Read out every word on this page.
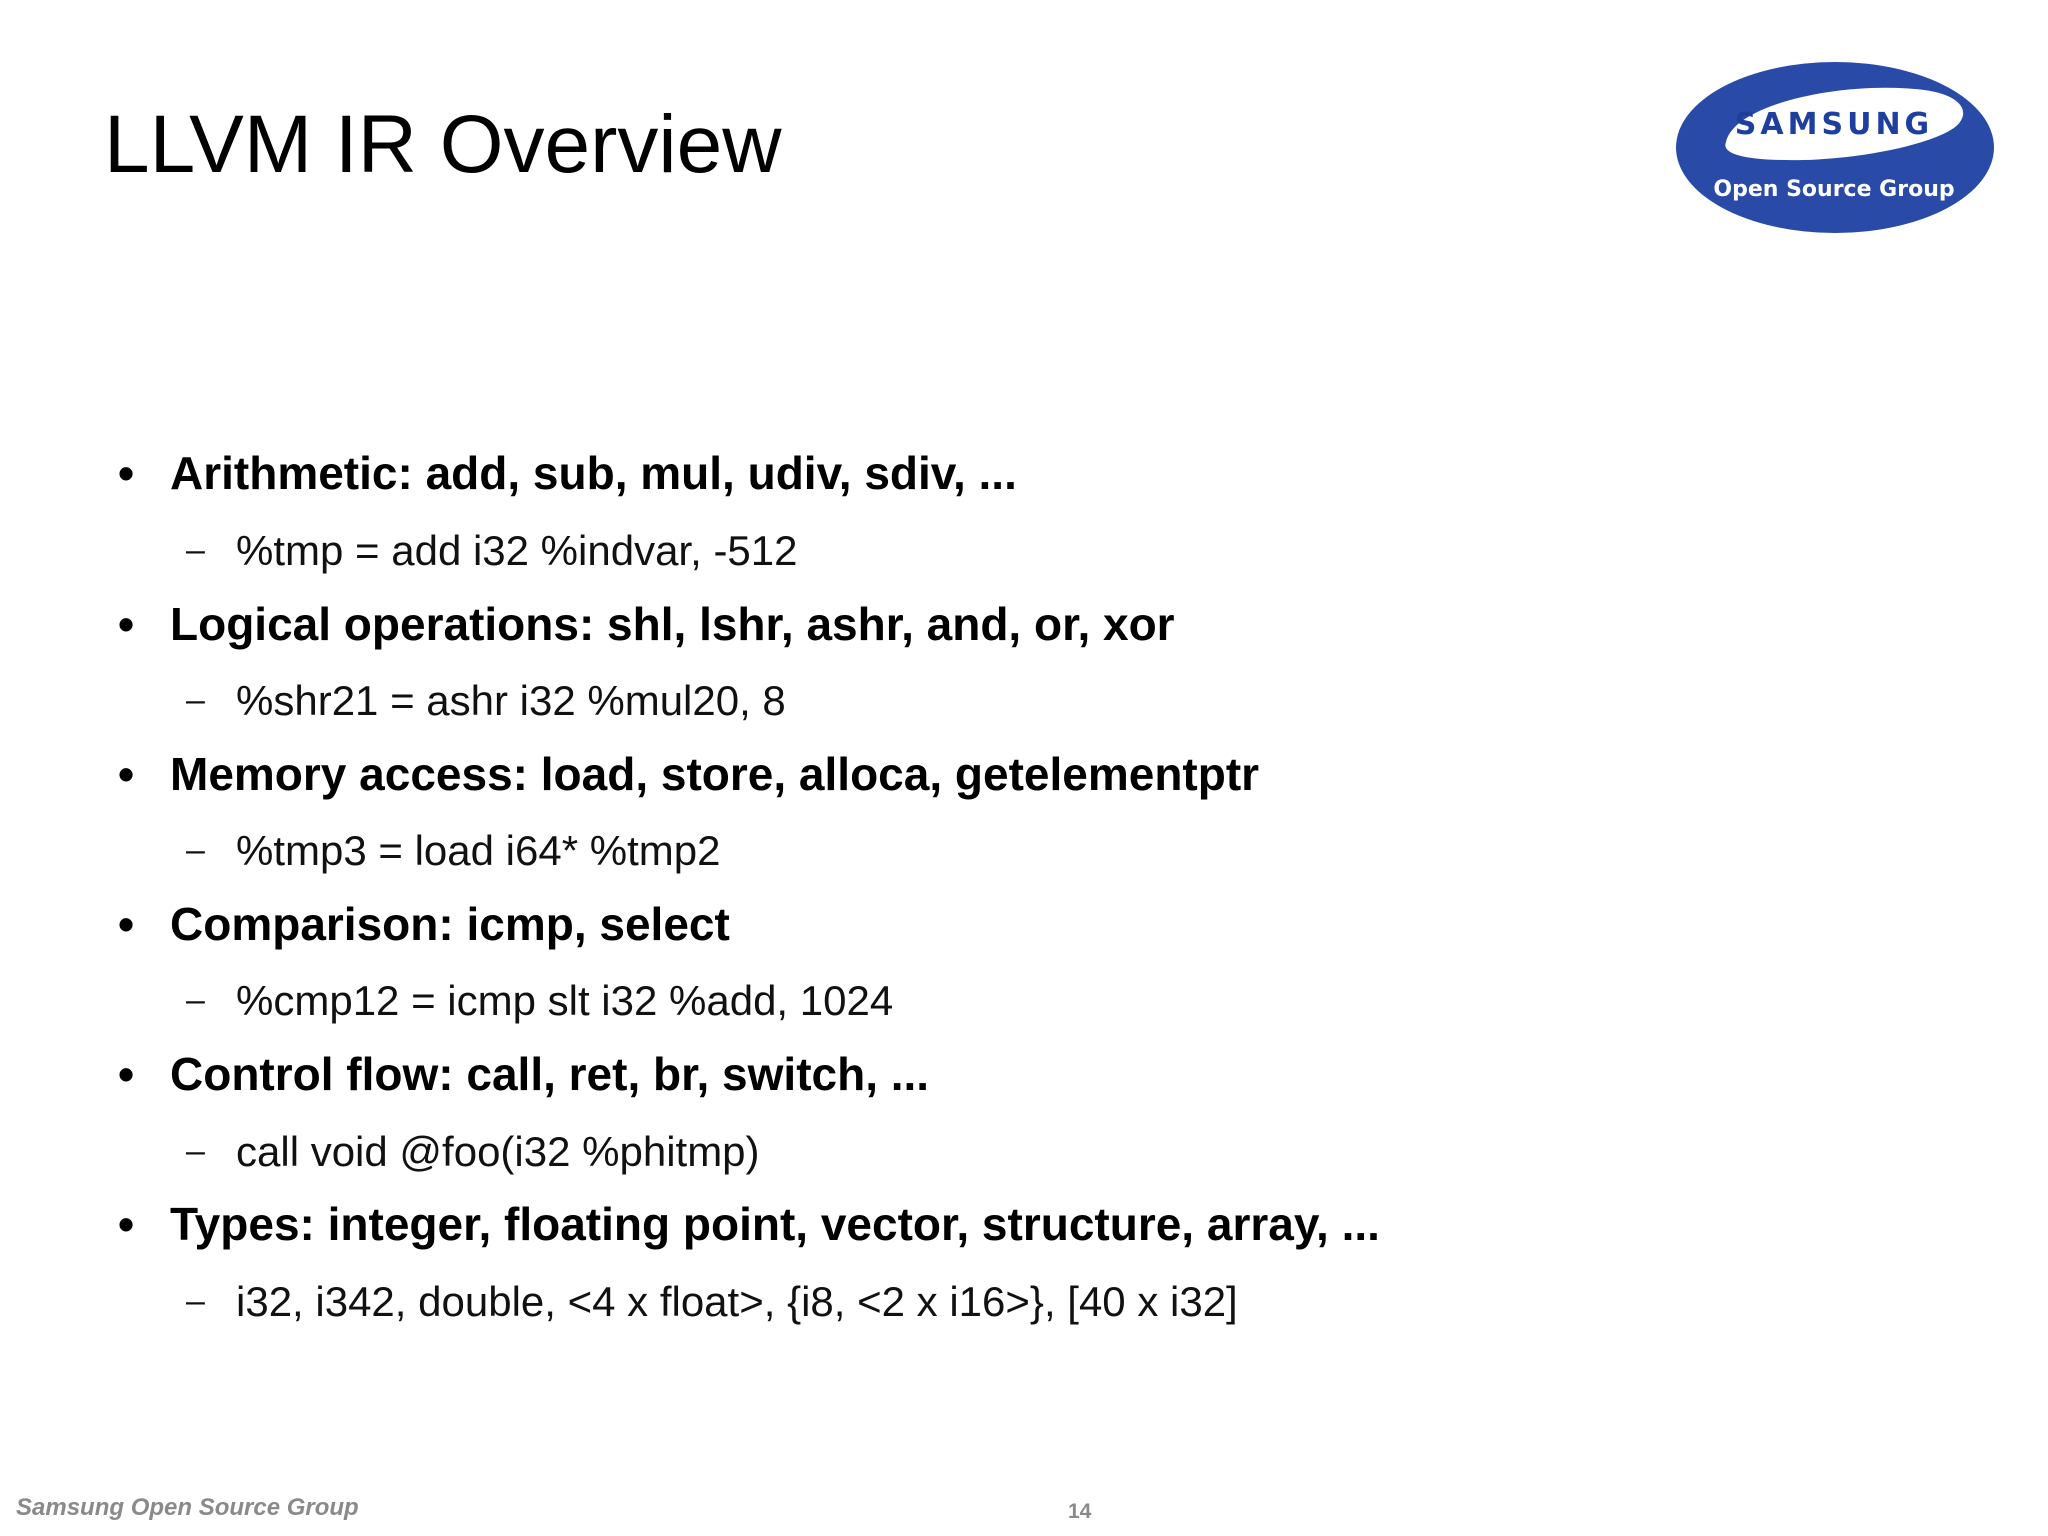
LLVM IR Overview	SAMSUNG
Open Source Group
• Arithmetic: add, sub, mul, udiv, sdiv, ...
– %tmp = add i32 %indvar, -512
• Logical operations: shl, lshr, ashr, and, or, xor
– %shr21 = ashr i32 %mul20, 8
• Memory access: load, store, alloca, getelementptr
– %tmp3 = load i64* %tmp2
• Comparison: icmp, select
– %cmp12 = icmp slt i32 %add, 1024
• Control flow: call, ret, br, switch, ...
– call void @foo(i32 %phitmp)
• Types: integer, floating point, vector, structure, array, ...
– i32, i342, double, <4 x float>, {i8, <2 x i16>}, [40 x i32]
Samsung Open Source Group	14
